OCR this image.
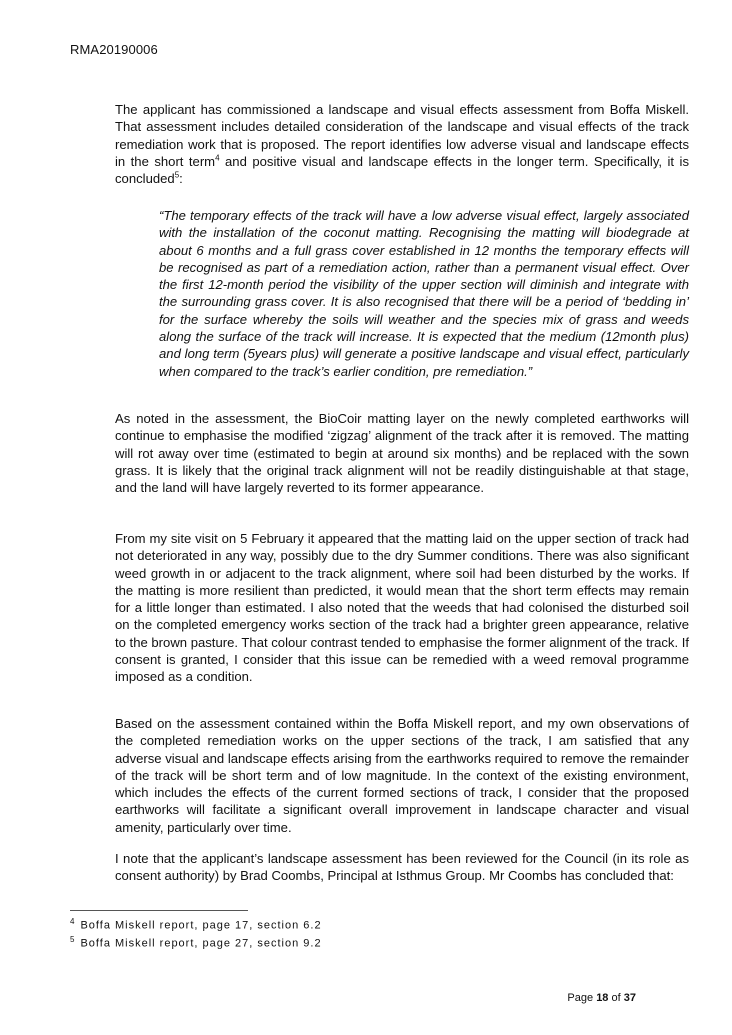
RMA20190006
The applicant has commissioned a landscape and visual effects assessment from Boffa Miskell. That assessment includes detailed consideration of the landscape and visual effects of the track remediation work that is proposed. The report identifies low adverse visual and landscape effects in the short term$^4$ and positive visual and landscape effects in the longer term. Specifically, it is concluded$^5$:
“The temporary effects of the track will have a low adverse visual effect, largely associated with the installation of the coconut matting. Recognising the matting will biodegrade at about 6 months and a full grass cover established in 12 months the temporary effects will be recognised as part of a remediation action, rather than a permanent visual effect. Over the first 12-month period the visibility of the upper section will diminish and integrate with the surrounding grass cover. It is also recognised that there will be a period of ‘bedding in’ for the surface whereby the soils will weather and the species mix of grass and weeds along the surface of the track will increase. It is expected that the medium (12month plus) and long term (5years plus) will generate a positive landscape and visual effect, particularly when compared to the track’s earlier condition, pre remediation.”
As noted in the assessment, the BioCoir matting layer on the newly completed earthworks will continue to emphasise the modified ‘zigzag’ alignment of the track after it is removed. The matting will rot away over time (estimated to begin at around six months) and be replaced with the sown grass. It is likely that the original track alignment will not be readily distinguishable at that stage, and the land will have largely reverted to its former appearance.
From my site visit on 5 February it appeared that the matting laid on the upper section of track had not deteriorated in any way, possibly due to the dry Summer conditions. There was also significant weed growth in or adjacent to the track alignment, where soil had been disturbed by the works. If the matting is more resilient than predicted, it would mean that the short term effects may remain for a little longer than estimated. I also noted that the weeds that had colonised the disturbed soil on the completed emergency works section of the track had a brighter green appearance, relative to the brown pasture. That colour contrast tended to emphasise the former alignment of the track. If consent is granted, I consider that this issue can be remedied with a weed removal programme imposed as a condition.
Based on the assessment contained within the Boffa Miskell report, and my own observations of the completed remediation works on the upper sections of the track, I am satisfied that any adverse visual and landscape effects arising from the earthworks required to remove the remainder of the track will be short term and of low magnitude. In the context of the existing environment, which includes the effects of the current formed sections of track, I consider that the proposed earthworks will facilitate a significant overall improvement in landscape character and visual amenity, particularly over time.
I note that the applicant’s landscape assessment has been reviewed for the Council (in its role as consent authority) by Brad Coombs, Principal at Isthmus Group. Mr Coombs has concluded that:
$^4$ Boffa Miskell report, page 17, section 6.2
$^5$ Boffa Miskell report, page 27, section 9.2
Page 18 of 37
